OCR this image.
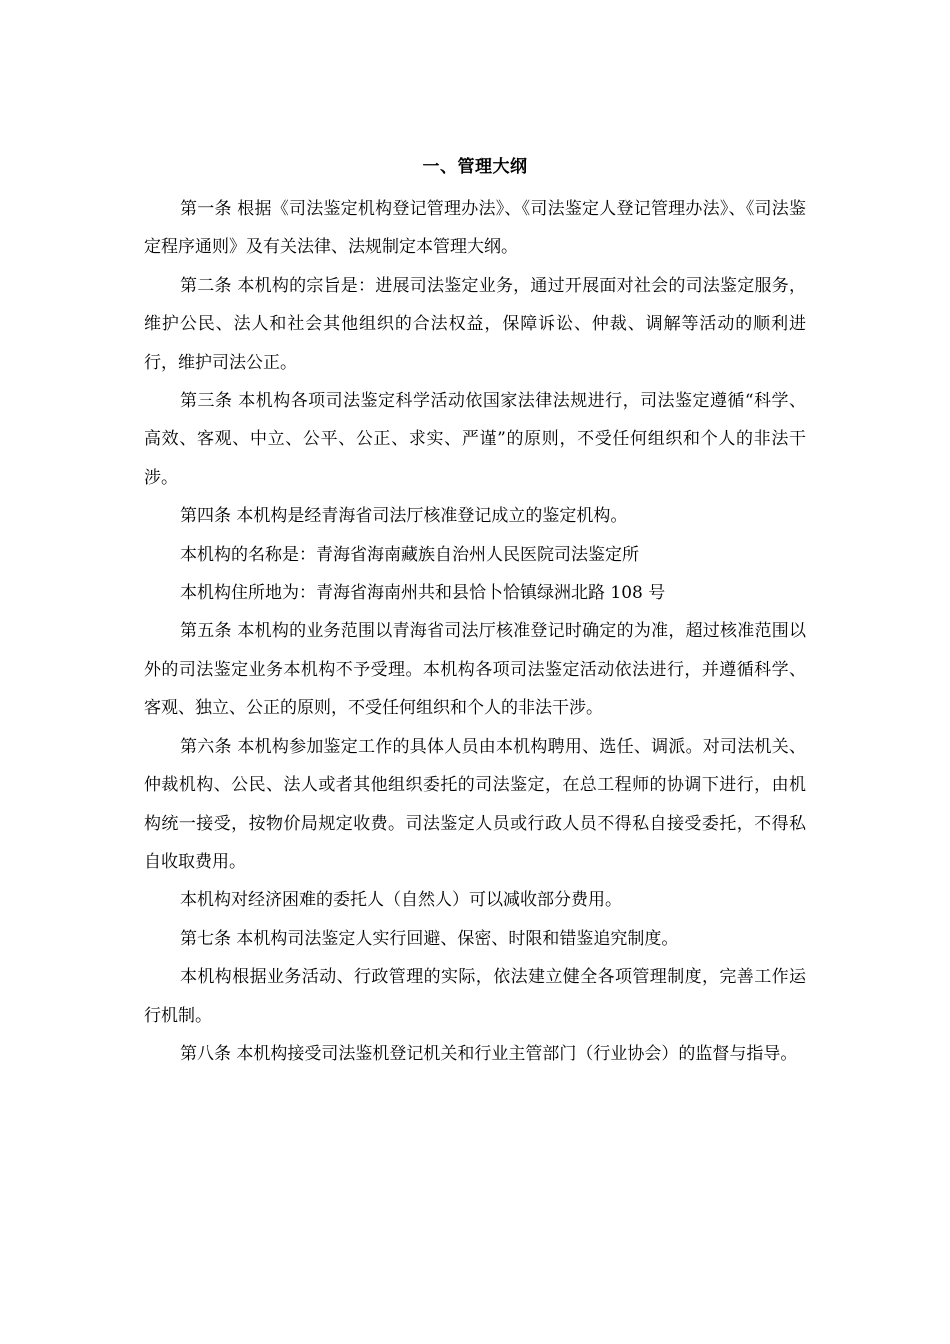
一、管理大纲

第一条 根据《司法鉴定机构登记管理办法》、《司法鉴定人登记管理办法》、《司法鉴定程序通则》及有关法律、法规制定本管理大纲。

第二条 本机构的宗旨是：进展司法鉴定业务，通过开展面对社会的司法鉴定服务，维护公民、法人和社会其他组织的合法权益，保障诉讼、仲裁、调解等活动的顺利进行，维护司法公正。

第三条 本机构各项司法鉴定科学活动依国家法律法规进行，司法鉴定遵循“科学、高效、客观、中立、公平、公正、求实、严谨”的原则，不受任何组织和个人的非法干涉。

第四条 本机构是经青海省司法厅核准登记成立的鉴定机构。

本机构的名称是：青海省海南藏族自治州人民医院司法鉴定所

本机构住所地为：青海省海南州共和县恰卜恰镇绿洲北路 108 号

第五条 本机构的业务范围以青海省司法厅核准登记时确定的为准，超过核准范围以外的司法鉴定业务本机构不予受理。本机构各项司法鉴定活动依法进行，并遵循科学、客观、独立、公正的原则，不受任何组织和个人的非法干涉。

第六条 本机构参加鉴定工作的具体人员由本机构聘用、选任、调派。对司法机关、仲裁机构、公民、法人或者其他组织委托的司法鉴定，在总工程师的协调下进行，由机构统一接受，按物价局规定收费。司法鉴定人员或行政人员不得私自接受委托，不得私自收取费用。

本机构对经济困难的委托人（自然人）可以减收部分费用。

第七条 本机构司法鉴定人实行回避、保密、时限和错鉴追究制度。

本机构根据业务活动、行政管理的实际，依法建立健全各项管理制度，完善工作运行机制。

第八条 本机构接受司法鉴机登记机关和行业主管部门（行业协会）的监督与指导。
